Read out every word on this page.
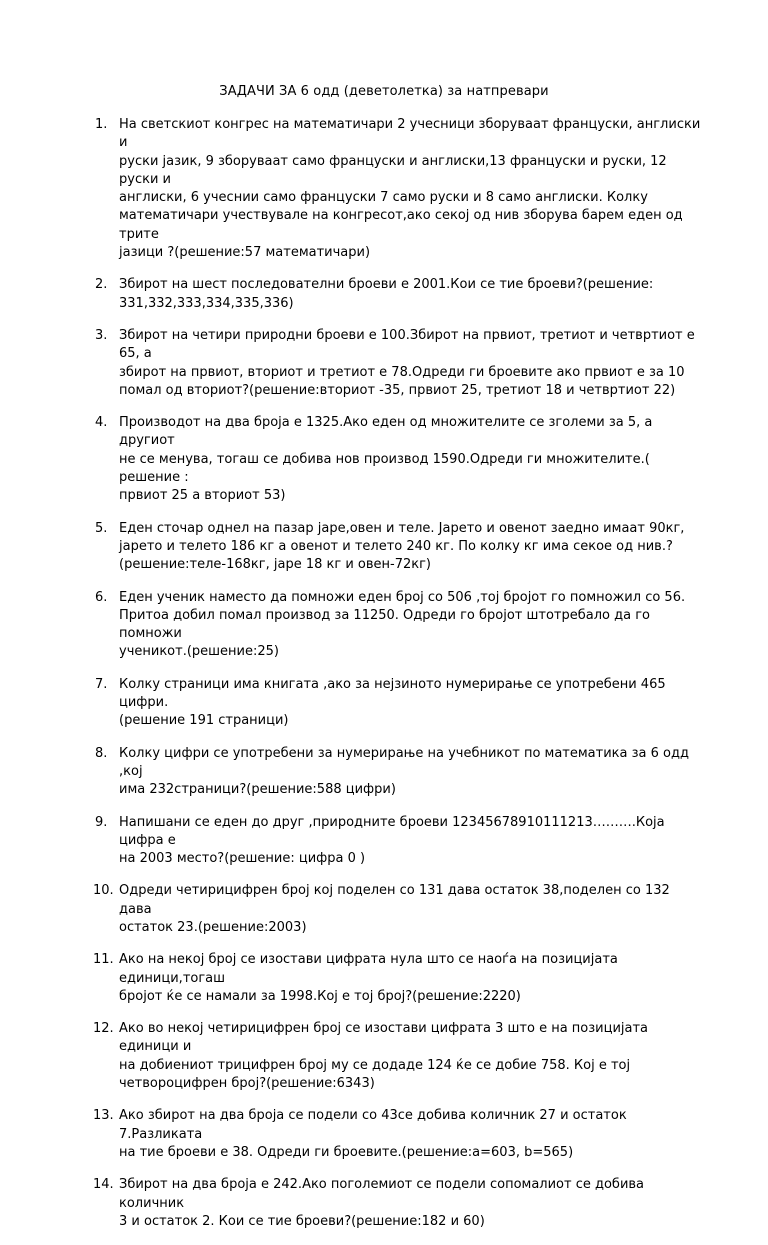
ЗАДАЧИ ЗА 6 одд (деветолетка) за натпревари
1. На светскиот конгрес на математичари 2 учесници зборуваат француски, англиски и
руски јазик, 9 зборуваат само француски и англиски,13 француски и руски, 12 руски и
англиски, 6 учеснии само француски 7 само руски и 8 само англиски. Колку
математичари учествувале на конгресот,ако секој од нив зборува барем еден од трите
јазици ?(решение:57 математичари)
2. Збирот на шест последователни броеви е 2001.Кои се тие броеви?(решение:
331,332,333,334,335,336)
3. Збирот на четири природни броеви е 100.Збирот на првиот, третиот и четвртиот е 65, а
збирот на првиот, вториот и третиот е 78.Одреди ги броевите ако првиот е за 10
помал од вториот?(решение:вториот -35, првиот 25, третиот 18 и четвртиот 22)
4. Производот на два броја е 1325.Ако еден од множителите се зголеми за 5, а другиот
не се менува, тогаш се добива нов производ 1590.Одреди ги множителите.( решение :
првиот 25 а вториот 53)
5. Еден сточар однел на пазар јаре,овен и теле. Јарето и овенот заедно имаат 90кг,
јарето и телето 186 кг а овенот и телето 240 кг. По колку кг има секое од нив.?
(решение:теле-168кг, јаре 18 кг и овен-72кг)
6. Еден ученик наместо да помножи еден број со 506 ,тој бројот го помножил со 56.
Притоа добил помал производ за 11250. Одреди го бројот штотребало да го помножи
ученикот.(решение:25)
7. Колку страници има книгата ,ако за нејзиното нумерирање се употребени 465 цифри.
(решение 191 страници)
8. Колку цифри се употребени за нумерирање на учебникот по математика за 6 одд ,кој
има 232страници?(решение:588 цифри)
9. Напишани се еден до друг ,природните броеви 12345678910111213……….Која цифра е
на 2003 место?(решение: цифра 0 )
10. Одреди четирицифрен број кој поделен со 131 дава остаток 38,поделен со 132 дава
остаток 23.(решение:2003)
11. Ако на некој број се изостави цифрата нула што се наоѓа на позицијата единици,тогаш
бројот ќе се намали за 1998.Кој е тој број?(решение:2220)
12. Ако во некој четирицифрен број се изостави цифрата 3 што е на позицијата единици и
на добиениот трицифрен број му се додаде 124 ќе се добие 758. Кој е тој
четвороцифрен број?(решение:6343)
13. Ако збирот на два броја се подели со 43се добива количник 27 и остаток 7.Разликата
на тие броеви е 38. Одреди ги броевите.(решение:а=603, b=565)
14. Збирот на два броја е 242.Ако поголемиот се подели сопомалиот се добива количник
3 и остаток 2. Кои се тие броеви?(решение:182 и 60)
